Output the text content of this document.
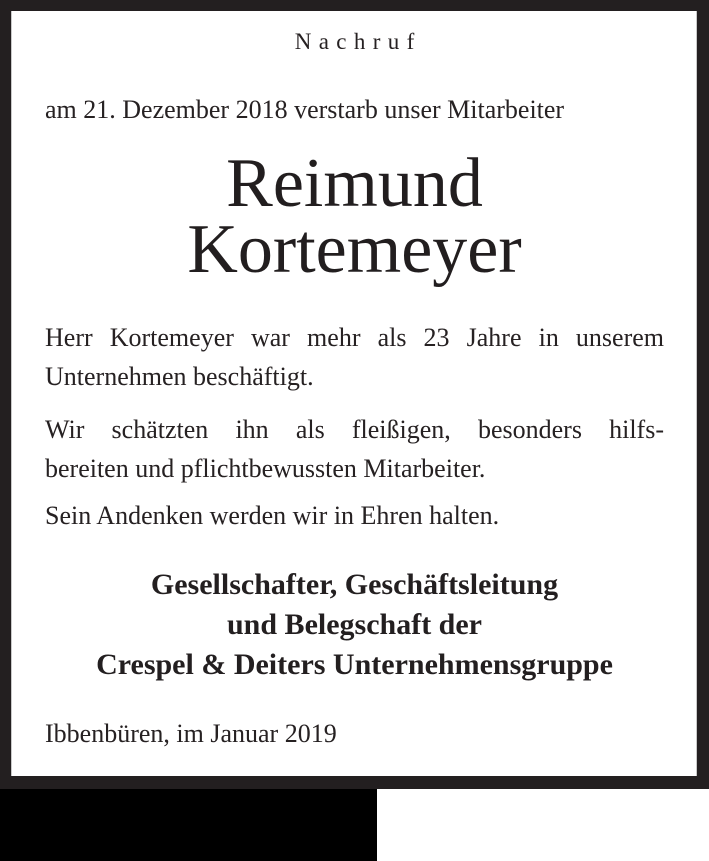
Nachruf
am 21. Dezember 2018 verstarb unser Mitarbeiter
Reimund
Kortemeyer
Herr Kortemeyer war mehr als 23 Jahre in unserem
Unternehmen beschäftigt.
Wir schätzten ihn als fleißigen, besonders hilfs-
bereiten und pflichtbewussten Mitarbeiter.
Sein Andenken werden wir in Ehren halten.
Gesellschafter, Geschäftsleitung
und Belegschaft der
Crespel & Deiters Unternehmensgruppe
Ibbenbüren, im Januar 2019
